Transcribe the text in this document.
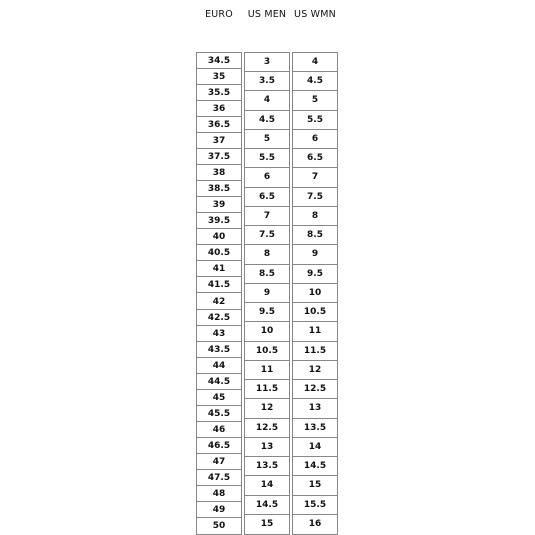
EURO	US MEN US WMN
34.5
35
35.5
36
36.5
37
37.5
38
38.5
39
39.5
40
40.5
41
41.5
42
42.5
43
43.5
44
44.5
45
45.5
46
46.5
47
47.5
48
49
50
3
3.5
4
4.5
5
5.5
6
6.5
7
7.5
8
8.5
9
9.5
10
10.5
11
11.5
12
12.5
13
13.5
14
14.5
15
4
4.5
5
5.5
6
6.5
7
7.5
8
8.5
9
9.5
10
10.5
11
11.5
12
12.5
13
13.5
14
14.5
15
15.5
16
